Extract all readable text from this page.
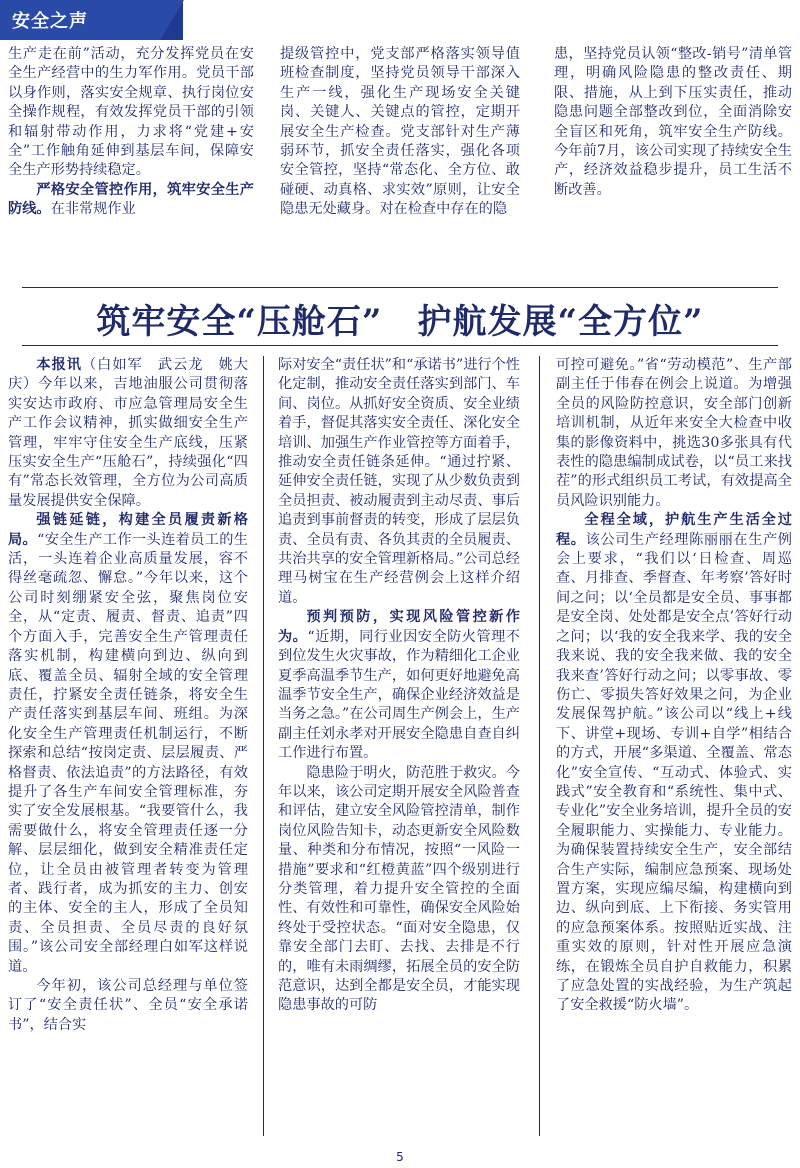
安全之声

生产走在前”活动，充分发挥党员在安全生产经营中的生力军作用。党员干部以身作则，落实安全规章、执行岗位安全操作规程，有效发挥党员干部的引领和辐射带动作用，力求将“党建+安全”工作触角延伸到基层车间，保障安全生产形势持续稳定。

严格安全管控作用，筑牢安全生产防线。在非常规作业

提级管控中，党支部严格落实领导值班检查制度，坚持党员领导干部深入生产一线，强化生产现场安全关键岗、关键人、关键点的管控，定期开展安全生产检查。党支部针对生产薄弱环节，抓安全责任落实，强化各项安全管控，坚持“常态化、全方位、敢碰硬、动真格、求实效”原则，让安全隐患无处藏身。对在检查中存在的隐

患，坚持党员认领“整改-销号”清单管理，明确风险隐患的整改责任、期限、措施，从上到下压实责任，推动隐患问题全部整改到位，全面消除安全盲区和死角，筑牢安全生产防线。今年前7月，该公司实现了持续安全生产，经济效益稳步提升，员工生活不断改善。

筑牢安全“压舱石”　护航发展“全方位”

本报讯（白如军　武云龙　姚大庆）今年以来，吉地油服公司贯彻落实安达市政府、市应急管理局安全生产工作会议精神，抓实做细安全生产管理，牢牢守住安全生产底线，压紧压实安全生产“压舱石”，持续强化“四有”常态长效管理，全方位为公司高质量发展提供安全保障。

强链延链，构建全员履责新格局。“安全生产工作一头连着员工的生活，一头连着企业高质量发展，容不得丝毫疏忽、懈怠。”今年以来，这个公司时刻绷紧安全弦，聚焦岗位安全，从“定责、履责、督责、追责”四个方面入手，完善安全生产管理责任落实机制，构建横向到边、纵向到底、覆盖全员、辐射全域的安全管理责任，拧紧安全责任链条，将安全生产责任落实到基层车间、班组。为深化安全生产管理责任机制运行，不断探索和总结“按岗定责、层层履责、严格督责、依法追责”的方法路径，有效提升了各生产车间安全管理标准，夯实了安全发展根基。“我要管什么，我需要做什么，将安全管理责任逐一分解、层层细化，做到安全精准责任定位，让全员由被管理者转变为管理者、践行者，成为抓安的主力、创安的主体、安全的主人，形成了全员知责、全员担责、全员尽责的良好氛围。”该公司安全部经理白如军这样说道。

今年初，该公司总经理与单位签订了“安全责任状”、全员“安全承诺书”，结合实

际对安全“责任状”和“承诺书”进行个性化定制，推动安全责任落实到部门、车间、岗位。从抓好安全资质、安全业绩着手，督促其落实安全责任、深化安全培训、加强生产作业管控等方面着手，推动安全责任链条延伸。“通过拧紧、延伸安全责任链，实现了从少数负责到全员担责、被动履责到主动尽责、事后追责到事前督责的转变，形成了层层负责、全员有责、各负其责的全员履责、共治共享的安全管理新格局。”公司总经理马树宝在生产经营例会上这样介绍道。

预判预防，实现风险管控新作为。“近期，同行业因安全防火管理不到位发生火灾事故，作为精细化工企业夏季高温季节生产，如何更好地避免高温季节安全生产，确保企业经济效益是当务之急。”在公司周生产例会上，生产副主任刘永孝对开展安全隐患自查自纠工作进行布置。

隐患险于明火，防范胜于救灾。今年以来，该公司定期开展安全风险普查和评估，建立安全风险管控清单，制作岗位风险告知卡，动态更新安全风险数量、种类和分布情况，按照“一风险一措施”要求和“红橙黄蓝”四个级别进行分类管理，着力提升安全管控的全面性、有效性和可靠性，确保安全风险始终处于受控状态。“面对安全隐患，仅靠安全部门去盯、去找、去排是不行的，唯有未雨绸缪，拓展全员的安全防范意识，达到全都是安全员，才能实现隐患事故的可防

可控可避免。”省“劳动模范”、生产部副主任于伟春在例会上说道。为增强全员的风险防控意识，安全部门创新培训机制，从近年来安全大检查中收集的影像资料中，挑选30多张具有代表性的隐患编制成试卷，以“员工来找茬”的形式组织员工考试，有效提高全员风险识别能力。

全程全域，护航生产生活全过程。该公司生产经理陈丽丽在生产例会上要求，“我们以‘日检查、周巡查、月排查、季督查、年考察’答好时间之问；以‘全员都是安全员、事事都是安全岗、处处都是安全点’答好行动之问；以‘我的安全我来学、我的安全我来说、我的安全我来做、我的安全我来查’答好行动之问；以零事故、零伤亡、零损失答好效果之问，为企业发展保驾护航。”该公司以“线上+线下、讲堂+现场、专训+自学”相结合的方式，开展“多渠道、全覆盖、常态化”安全宣传、“互动式、体验式、实践式”安全教育和“系统性、集中式、专业化”安全业务培训，提升全员的安全履职能力、实操能力、专业能力。为确保装置持续安全生产，安全部结合生产实际，编制应急预案、现场处置方案，实现应编尽编，构建横向到边、纵向到底、上下衔接、务实管用的应急预案体系。按照贴近实战、注重实效的原则，针对性开展应急演练，在锻炼全员自护自救能力，积累了应急处置的实战经验，为生产筑起了安全救援“防火墙”。

5
